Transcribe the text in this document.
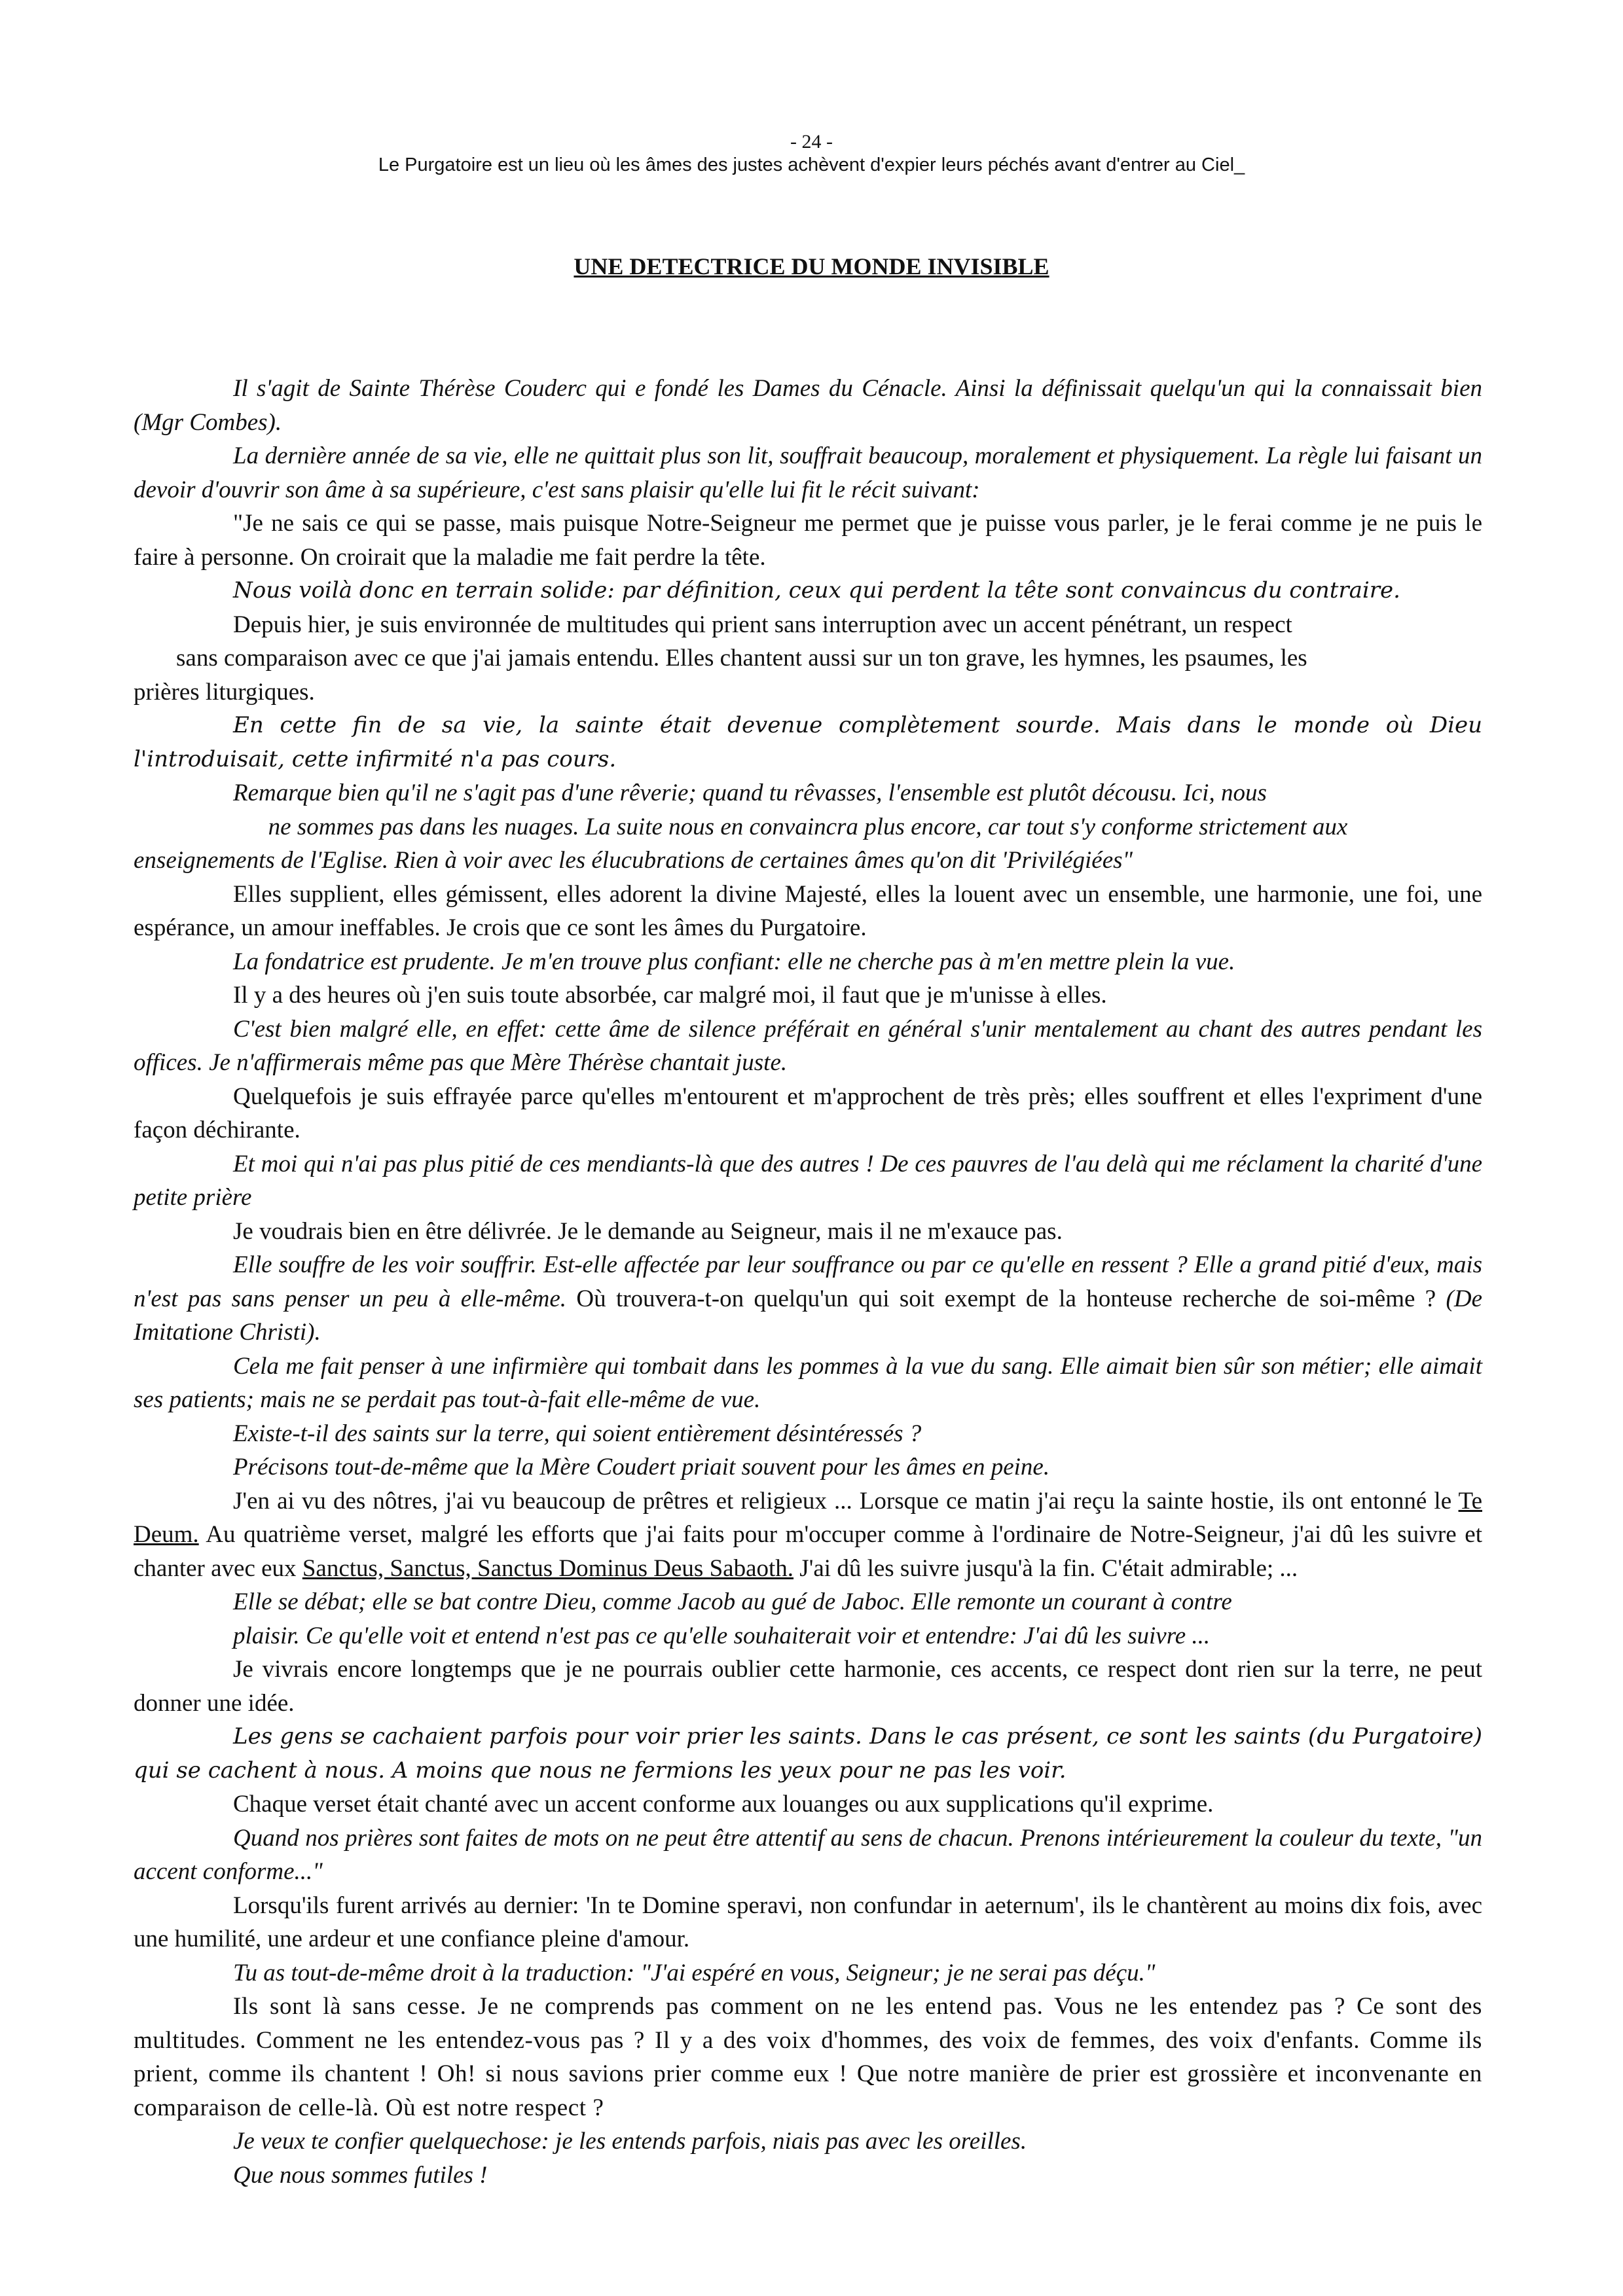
- 24 -
Le Purgatoire est un lieu où les âmes des justes achèvent d'expier leurs péchés avant d'entrer au Ciel_
UNE DETECTRICE DU MONDE INVISIBLE

Il s'agit de Sainte Thérèse Couderc qui e fondé les Dames du Cénacle. Ainsi la définissait quelqu'un qui la connaissait bien (Mgr Combes).

La dernière année de sa vie, elle ne quittait plus son lit, souffrait beaucoup, moralement et physiquement. La règle lui faisant un devoir d'ouvrir son âme à sa supérieure, c'est sans plaisir qu'elle lui fit le récit suivant:

"Je ne sais ce qui se passe, mais puisque Notre-Seigneur me permet que je puisse vous parler, je le ferai comme je ne puis le faire à personne. On croirait que la maladie me fait perdre la tête.

Nous voilà donc en terrain solide: par définition, ceux qui perdent la tête sont convaincus du contraire.

Depuis hier, je suis environnée de multitudes qui prient sans interruption avec un accent pénétrant, un respect

sans comparaison avec ce que j'ai jamais entendu. Elles chantent aussi sur un ton grave, les hymnes, les psaumes, les

prières liturgiques.

En cette fin de sa vie, la sainte était devenue complètement sourde. Mais dans le monde où Dieu l'introduisait, cette infirmité n'a pas cours.

Remarque bien qu'il ne s'agit pas d'une rêverie; quand tu rêvasses, l'ensemble est plutôt décousu. Ici, nous

ne sommes pas dans les nuages. La suite nous en convaincra plus encore, car tout s'y conforme strictement aux

enseignements de l'Eglise. Rien à voir avec les élucubrations de certaines âmes qu'on dit 'Privilégiées"

Elles supplient, elles gémissent, elles adorent la divine Majesté, elles la louent avec un ensemble, une harmonie, une foi, une espérance, un amour ineffables. Je crois que ce sont les âmes du Purgatoire.

La fondatrice est prudente. Je m'en trouve plus confiant: elle ne cherche pas à m'en mettre plein la vue.

Il y a des heures où j'en suis toute absorbée, car malgré moi, il faut que je m'unisse à elles.

C'est bien malgré elle, en effet: cette âme de silence préférait en général s'unir mentalement au chant des autres pendant les offices. Je n'affirmerais même pas que Mère Thérèse chantait juste.

Quelquefois je suis effrayée parce qu'elles m'entourent et m'approchent de très près; elles souffrent et elles l'expriment d'une façon déchirante.

Et moi qui n'ai pas plus pitié de ces mendiants-là que des autres ! De ces pauvres de l'au delà qui me réclament la charité d'une petite prière

Je voudrais bien en être délivrée. Je le demande au Seigneur, mais il ne m'exauce pas.

Elle souffre de les voir souffrir. Est-elle affectée par leur souffrance ou par ce qu'elle en ressent ? Elle a grand pitié d'eux, mais n'est pas sans penser un peu à elle-même. Où trouvera-t-on quelqu'un qui soit exempt de la honteuse recherche de soi-même ? (De Imitatione Christi).

Cela me fait penser à une infirmière qui tombait dans les pommes à la vue du sang. Elle aimait bien sûr son métier; elle aimait ses patients; mais ne se perdait pas tout-à-fait elle-même de vue.

Existe-t-il des saints sur la terre, qui soient entièrement désintéressés ?

Précisons tout-de-même que la Mère Coudert priait souvent pour les âmes en peine.

J'en ai vu des nôtres, j'ai vu beaucoup de prêtres et religieux ... Lorsque ce matin j'ai reçu la sainte hostie, ils ont entonné le Te Deum. Au quatrième verset, malgré les efforts que j'ai faits pour m'occuper comme à l'ordinaire de Notre-Seigneur, j'ai dû les suivre et chanter avec eux Sanctus, Sanctus, Sanctus Dominus Deus Sabaoth. J'ai dû les suivre jusqu'à la fin. C'était admirable; ...

Elle se débat; elle se bat contre Dieu, comme Jacob au gué de Jaboc. Elle remonte un courant à contre

plaisir. Ce qu'elle voit et entend n'est pas ce qu'elle souhaiterait voir et entendre: J'ai dû les suivre ...

Je vivrais encore longtemps que je ne pourrais oublier cette harmonie, ces accents, ce respect dont rien sur la terre, ne peut donner une idée.

Les gens se cachaient parfois pour voir prier les saints. Dans le cas présent, ce sont les saints (du Purgatoire) qui se cachent à nous. A moins que nous ne fermions les yeux pour ne pas les voir.

Chaque verset était chanté avec un accent conforme aux louanges ou aux supplications qu'il exprime.

Quand nos prières sont faites de mots on ne peut être attentif au sens de chacun. Prenons intérieurement la couleur du texte, "un accent conforme..."

Lorsqu'ils furent arrivés au dernier: 'In te Domine speravi, non confundar in aeternum', ils le chantèrent au moins dix fois, avec une humilité, une ardeur et une confiance pleine d'amour.

Tu as tout-de-même droit à la traduction: "J'ai espéré en vous, Seigneur; je ne serai pas déçu."

Ils sont là sans cesse. Je ne comprends pas comment on ne les entend pas. Vous ne les entendez pas ? Ce sont des multitudes. Comment ne les entendez-vous pas ? Il y a des voix d'hommes, des voix de femmes, des voix d'enfants. Comme ils prient, comme ils chantent ! Oh! si nous savions prier comme eux ! Que notre manière de prier est grossière et inconvenante en comparaison de celle-là. Où est notre respect ?

Je veux te confier quelquechose: je les entends parfois, niais pas avec les oreilles.

Que nous sommes futiles !
